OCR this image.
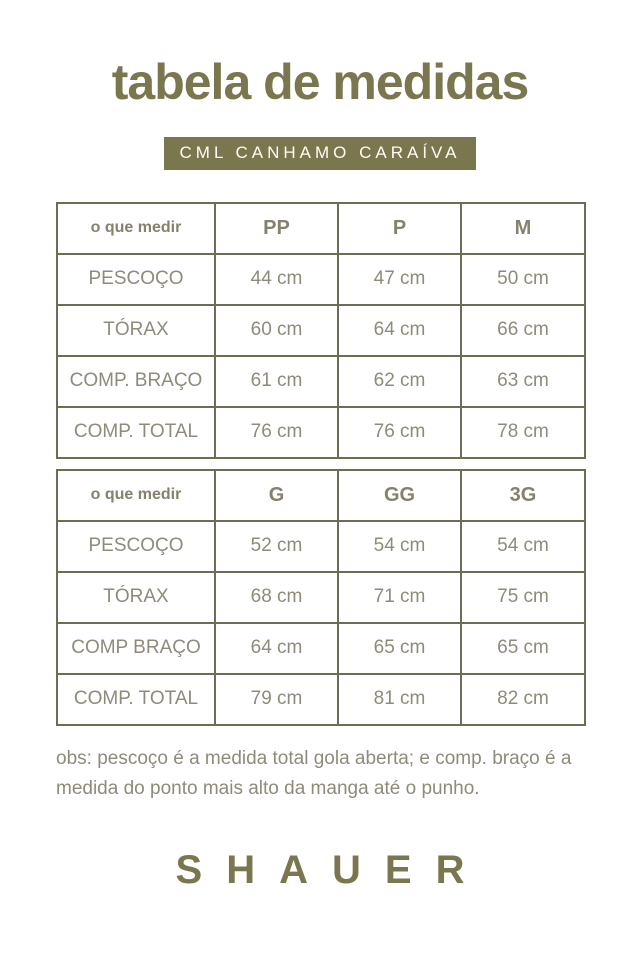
tabela de medidas
CML CANHAMO CARAÍVA
o que medir	PP	P	M
PESCOÇO	44 cm	47 cm	50 cm
TÓRAX	60 cm	64 cm	66 cm
COMP. BRAÇO	61 cm	62 cm	63 cm
COMP. TOTAL	76 cm	76 cm	78 cm
o que medir	G	GG	3G
PESCOÇO	52 cm	54 cm	54 cm
TÓRAX	68 cm	71 cm	75 cm
COMP BRAÇO	64 cm	65 cm	65 cm
COMP. TOTAL	79 cm	81 cm	82 cm

obs: pescoço é a medida total gola aberta; e comp. braço é a medida do ponto mais alto da manga até o punho.

SHAUER
